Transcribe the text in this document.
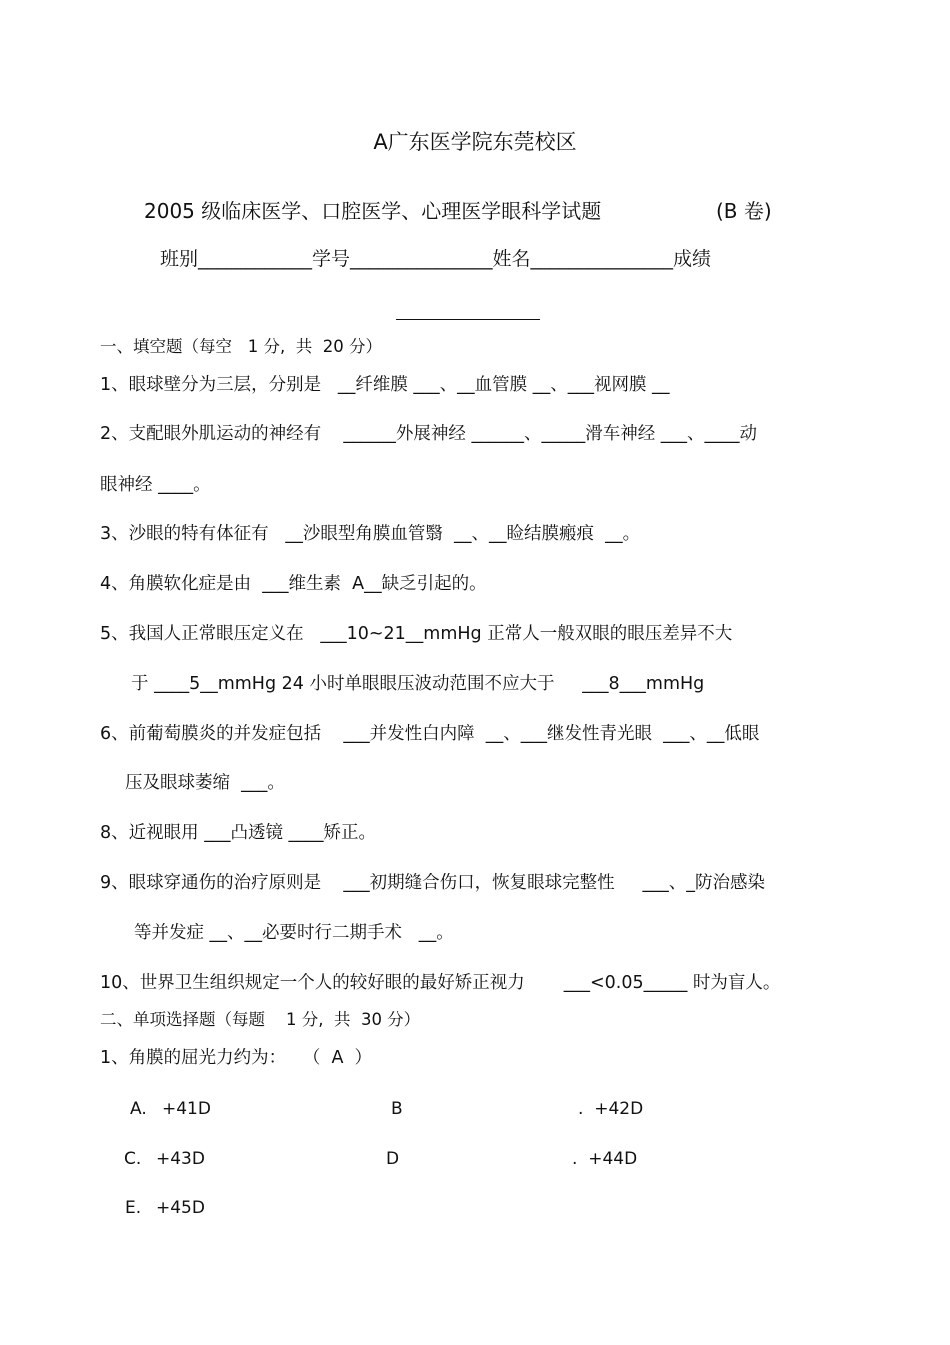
A广东医学院东莞校区
2005 级临床医学、口腔医学、心理医学眼科学试题	(B 卷)
班别____________学号_______________姓名_______________成绩
一、填空题（每空   1 分,  共  20 分）
1、眼球壁分为三层，分别是   __纤维膜 ___、__血管膜 __、___视网膜 __
2、支配眼外肌运动的神经有    ______外展神经 ______、_____滑车神经 ___、____动
眼神经 ____。
3、沙眼的特有体征有   __沙眼型角膜血管翳  __、__睑结膜瘢痕  __。
4、角膜软化症是由  ___维生素  A__缺乏引起的。
5、我国人正常眼压定义在   ___10~21__mmHg 正常人一般双眼的眼压差异不大
于 ____5__mmHg 24 小时单眼眼压波动范围不应大于     ___8___mmHg
6、前葡萄膜炎的并发症包括    ___并发性白内障  __、___继发性青光眼  ___、__低眼
压及眼球萎缩  ___。
8、近视眼用 ___凸透镜 ____矫正。
9、眼球穿通伤的治疗原则是    ___初期缝合伤口，恢复眼球完整性     ___、_防治感染
等并发症 __、__必要时行二期手术   __。
10、世界卫生组织规定一个人的较好眼的最好矫正视力       ___<0.05_____ 时为盲人。
二、单项选择题（每题    1 分,  共  30 分）
1、角膜的屈光力约为：   （  A  ）
A. +41D	B	.  +42D
C. +43D	D	.  +44D
E. +45D
